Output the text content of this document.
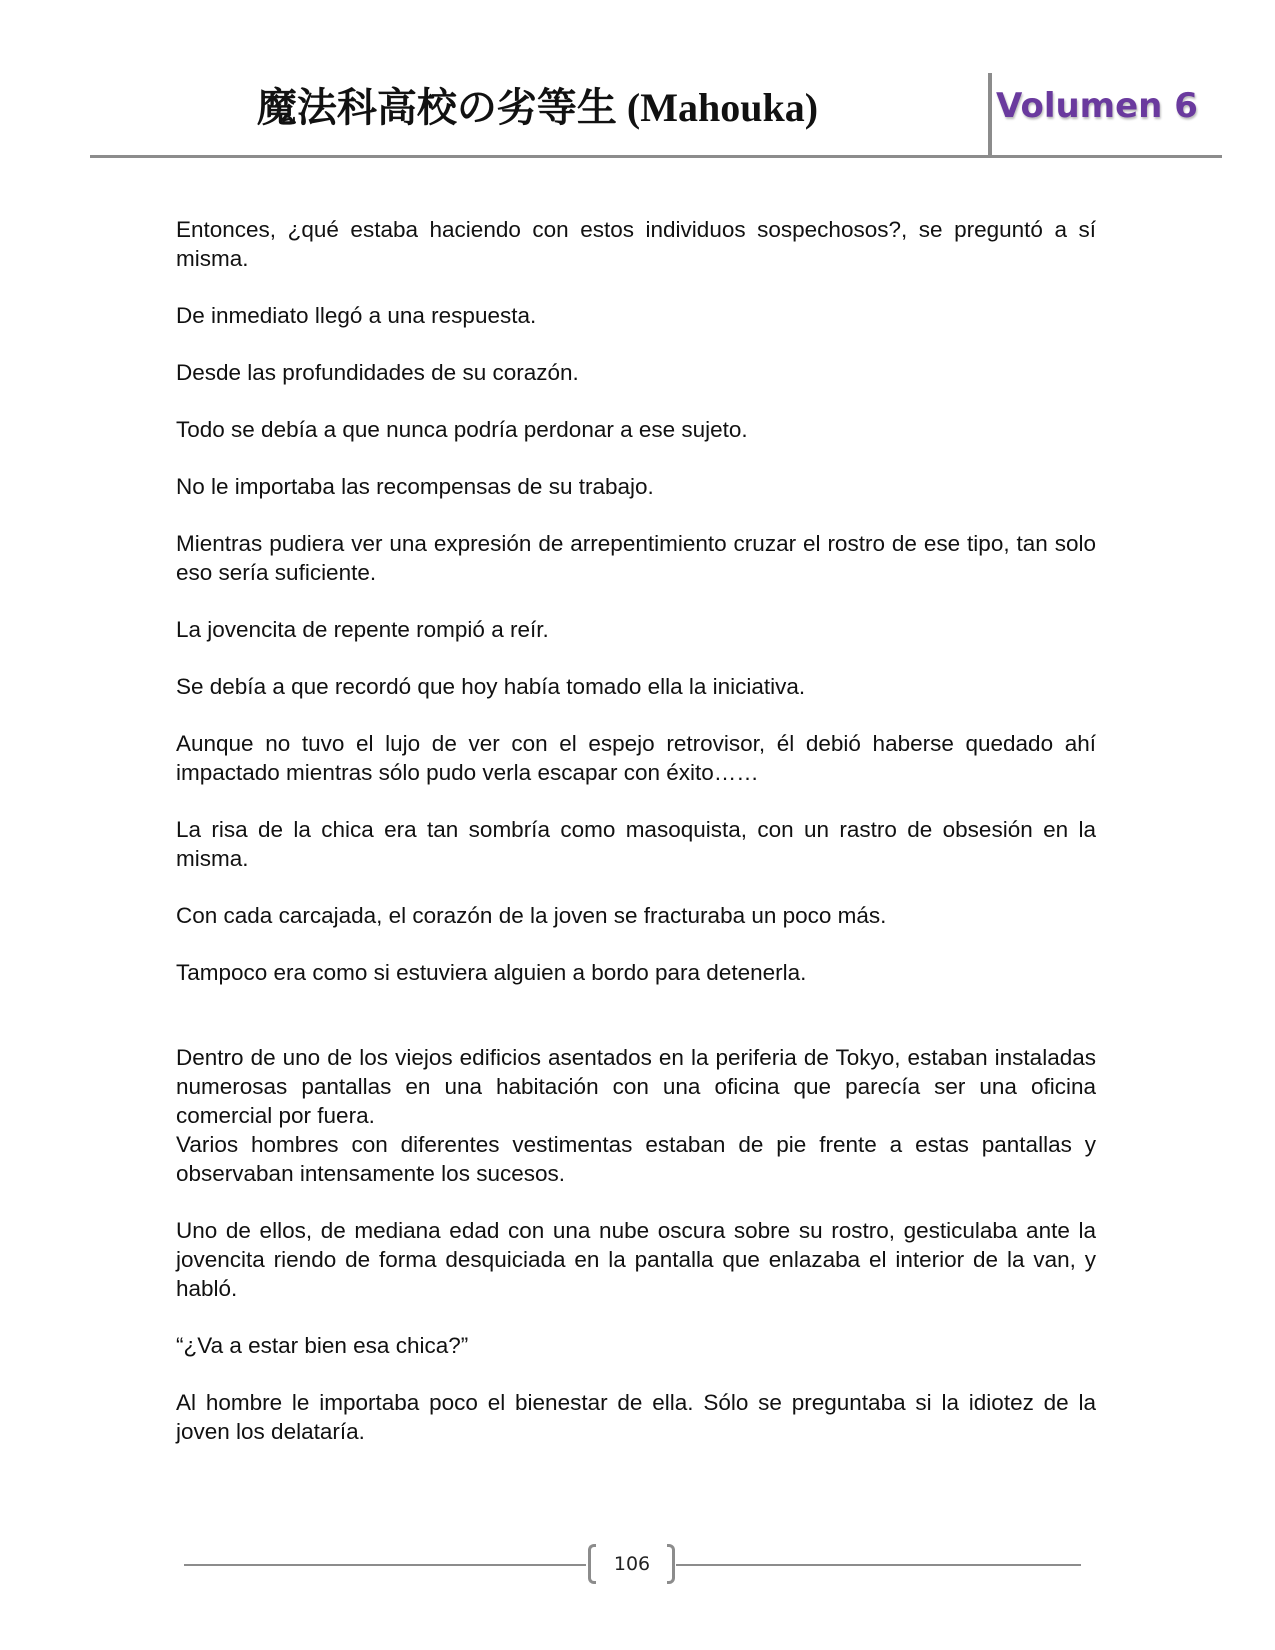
魔法科高校の劣等生 (Mahouka)	Volumen 6

Entonces, ¿qué estaba haciendo con estos individuos sospechosos?, se preguntó a sí misma.

De inmediato llegó a una respuesta.

Desde las profundidades de su corazón.

Todo se debía a que nunca podría perdonar a ese sujeto.

No le importaba las recompensas de su trabajo.

Mientras pudiera ver una expresión de arrepentimiento cruzar el rostro de ese tipo, tan solo eso sería suficiente.

La jovencita de repente rompió a reír.

Se debía a que recordó que hoy había tomado ella la iniciativa.

Aunque no tuvo el lujo de ver con el espejo retrovisor, él debió haberse quedado ahí impactado mientras sólo pudo verla escapar con éxito……

La risa de la chica era tan sombría como masoquista, con un rastro de obsesión en la misma.

Con cada carcajada, el corazón de la joven se fracturaba un poco más.

Tampoco era como si estuviera alguien a bordo para detenerla.

Dentro de uno de los viejos edificios asentados en la periferia de Tokyo, estaban instaladas numerosas pantallas en una habitación con una oficina que parecía ser una oficina comercial por fuera.

Varios hombres con diferentes vestimentas estaban de pie frente a estas pantallas y observaban intensamente los sucesos.

Uno de ellos, de mediana edad con una nube oscura sobre su rostro, gesticulaba ante la jovencita riendo de forma desquiciada en la pantalla que enlazaba el interior de la van, y habló.

“¿Va a estar bien esa chica?”

Al hombre le importaba poco el bienestar de ella. Sólo se preguntaba si la idiotez de la joven los delataría.

106
